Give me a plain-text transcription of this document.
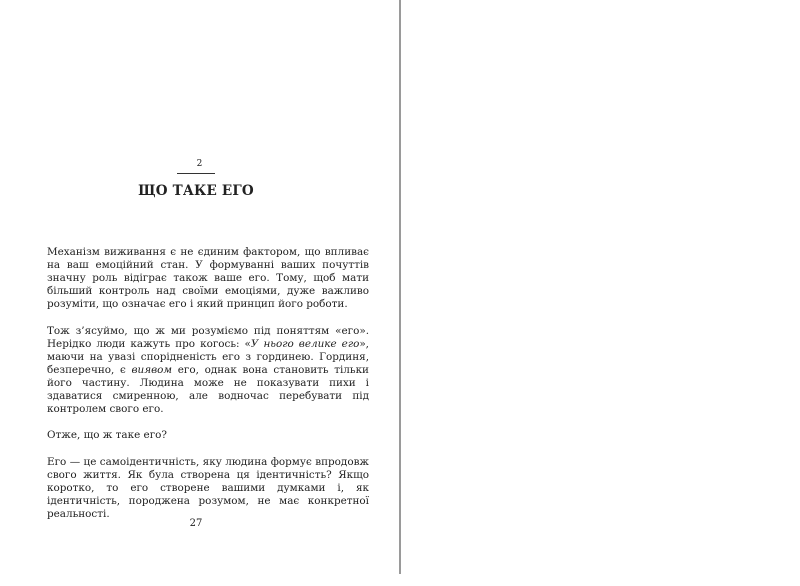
2
ЩО ТАКЕ ЕГО

Механізм виживання є не єдиним фактором, що впливає на ваш емоційний стан. У формуванні ваших почуттів значну роль відіграє також ваше его. Тому, щоб мати більший контроль над своїми емоціями, дуже важливо розуміти, що означає его і який принцип його роботи.

Тож з’ясуймо, що ж ми розуміємо під поняттям «его». Нерідко люди кажуть про когось: «У нього велике его», маючи на увазі спорідненість его з гординею. Гординя, безперечно, є виявом его, однак вона становить тільки його частину. Людина може не показувати пихи і здаватися смиренною, але водночас перебувати під контролем свого его.

Отже, що ж таке его?

Его — це самоідентичність, яку людина формує впродовж свого життя. Як була створена ця ідентичність? Якщо коротко, то его створене вашими думками і, як ідентичність, породжена розумом, не має конкретної реальності.

27
